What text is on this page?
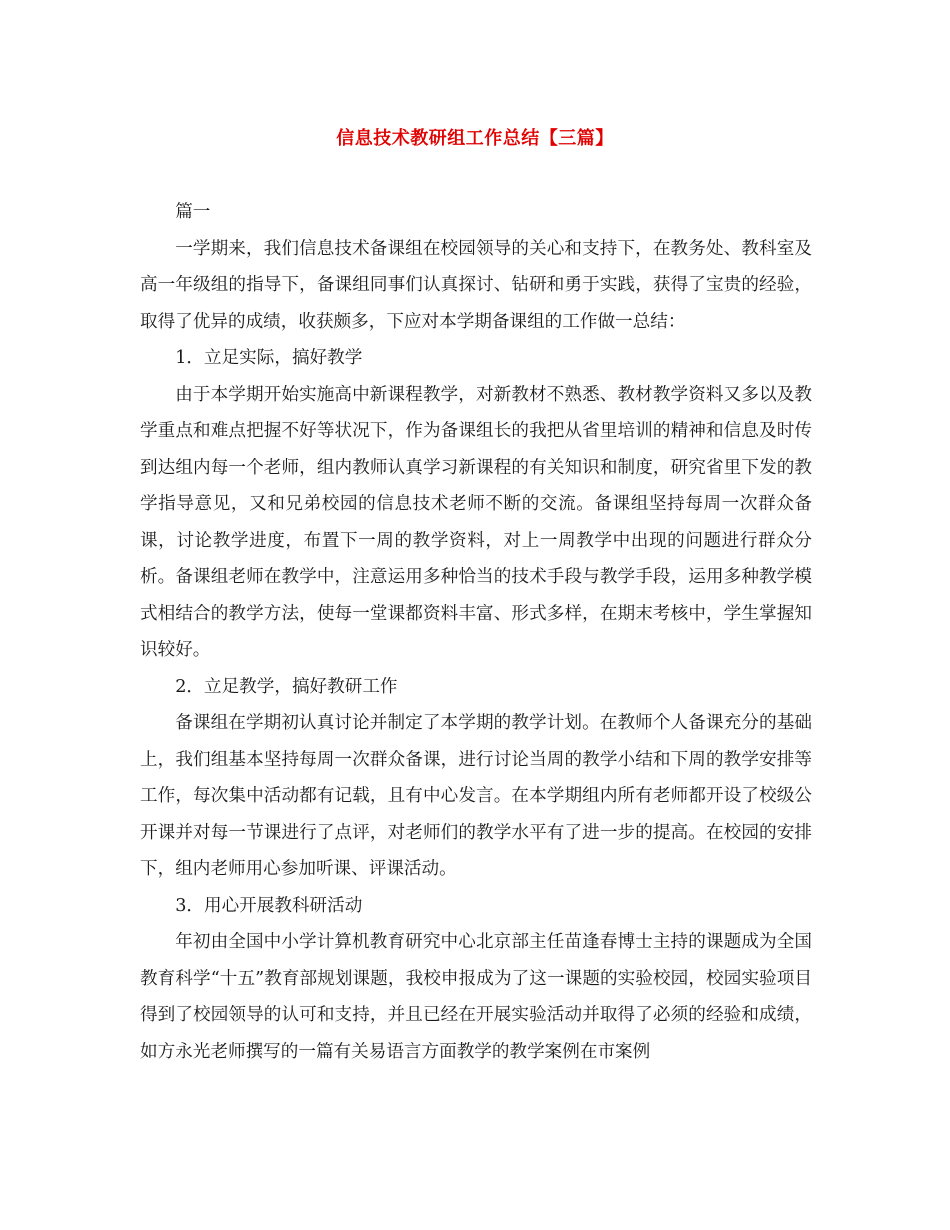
信息技术教研组工作总结【三篇】

篇一

一学期来，我们信息技术备课组在校园领导的关心和支持下，在教务处、教科室及高一年级组的指导下，备课组同事们认真探讨、钻研和勇于实践，获得了宝贵的经验，取得了优异的成绩，收获颇多，下应对本学期备课组的工作做一总结：

1．立足实际，搞好教学

由于本学期开始实施高中新课程教学，对新教材不熟悉、教材教学资料又多以及教学重点和难点把握不好等状况下，作为备课组长的我把从省里培训的精神和信息及时传到达组内每一个老师，组内教师认真学习新课程的有关知识和制度，研究省里下发的教学指导意见，又和兄弟校园的信息技术老师不断的交流。备课组坚持每周一次群众备课，讨论教学进度，布置下一周的教学资料，对上一周教学中出现的问题进行群众分析。备课组老师在教学中，注意运用多种恰当的技术手段与教学手段，运用多种教学模式相结合的教学方法，使每一堂课都资料丰富、形式多样，在期末考核中，学生掌握知识较好。

2．立足教学，搞好教研工作

备课组在学期初认真讨论并制定了本学期的教学计划。在教师个人备课充分的基础上，我们组基本坚持每周一次群众备课，进行讨论当周的教学小结和下周的教学安排等工作，每次集中活动都有记载，且有中心发言。在本学期组内所有老师都开设了校级公开课并对每一节课进行了点评，对老师们的教学水平有了进一步的提高。在校园的安排下，组内老师用心参加听课、评课活动。

3．用心开展教科研活动

年初由全国中小学计算机教育研究中心北京部主任苗逢春博士主持的课题成为全国教育科学“十五”教育部规划课题，我校申报成为了这一课题的实验校园，校园实验项目得到了校园领导的认可和支持，并且已经在开展实验活动并取得了必须的经验和成绩，如方永光老师撰写的一篇有关易语言方面教学的教学案例在市案例
